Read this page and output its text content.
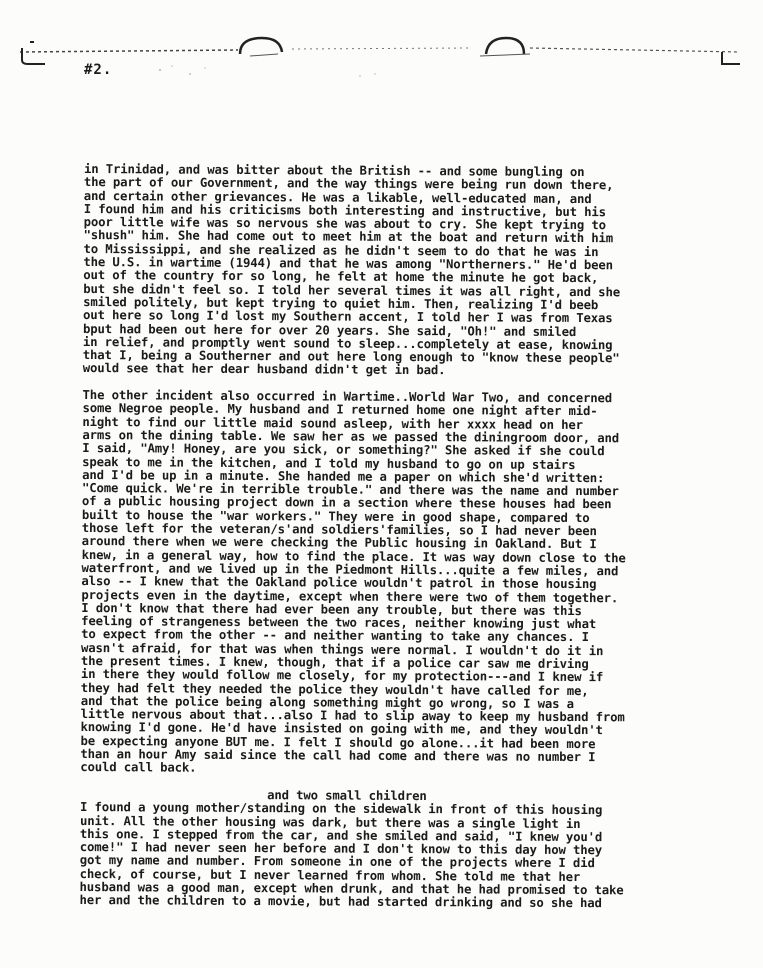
#2.
in Trinidad, and was bitter about the British -- and some bungling on
the part of our Government, and the way things were being run down there,
and certain other grievances. He was a likable, well-educated man, and
I found him and his criticisms both interesting and instructive, but his
poor little wife was so nervous she was about to cry. She kept trying to
"shush" him. She had come out to meet him at the boat and return with him
to Mississippi, and she realized as he didn't seem to do that he was in
the U.S. in wartime (1944) and that he was among "Northerners." He'd been
out of the country for so long, he felt at home the minute he got back,
but she didn't feel so. I told her several times it was all right, and she
smiled politely, but kept trying to quiet him. Then, realizing I'd beeb
out here so long I'd lost my Southern accent, I told her I was from Texas
bput had been out here for over 20 years. She said, "Oh!" and smiled
in relief, and promptly went sound to sleep...completely at ease, knowing
that I, being a Southerner and out here long enough to "know these people"
would see that her dear husband didn't get in bad.
The other incident also occurred in Wartime..World War Two, and concerned
some Negroe people. My husband and I returned home one night after mid-
night to find our little maid sound asleep, with her xxxx head on her
arms on the dining table. We saw her as we passed the diningroom door, and
I said, "Amy! Honey, are you sick, or something?" She asked if she could
speak to me in the kitchen, and I told my husband to go on up stairs
and I'd be up in a minute. She handed me a paper on which she'd written:
"Come quick. We're in terrible trouble." and there was the name and number
of a public housing project down in a section where these houses had been
built to house the "war workers." They were in good shape, compared to
those left for the veteran/s'and soldiers'families, so I had never been
around there when we were checking the Public housing in Oakland. But I
knew, in a general way, how to find the place. It was way down close to the
waterfront, and we lived up in the Piedmont Hills...quite a few miles, and
also -- I knew that the Oakland police wouldn't patrol in those housing
projects even in the daytime, except when there were two of them together.
I don't know that there had ever been any trouble, but there was this
feeling of strangeness between the two races, neither knowing just what
to expect from the other -- and neither wanting to take any chances. I
wasn't afraid, for that was when things were normal. I wouldn't do it in
the present times. I knew, though, that if a police car saw me driving
in there they would follow me closely, for my protection---and I knew if
they had felt they needed the police they wouldn't have called for me,
and that the police being along something might go wrong, so I was a
little nervous about that...also I had to slip away to keep my husband from
knowing I'd gone. He'd have insisted on going with me, and they wouldn't
be expecting anyone BUT me. I felt I should go alone...it had been more
than an hour Amy said since the call had come and there was no number I
could call back.
and two small children
I found a young mother/standing on the sidewalk in front of this housing
unit. All the other housing was dark, but there was a single light in
this one. I stepped from the car, and she smiled and said, "I knew you'd
come!" I had never seen her before and I don't know to this day how they
got my name and number. From someone in one of the projects where I did
check, of course, but I never learned from whom. She told me that her
husband was a good man, except when drunk, and that he had promised to take
her and the children to a movie, but had started drinking and so she had
